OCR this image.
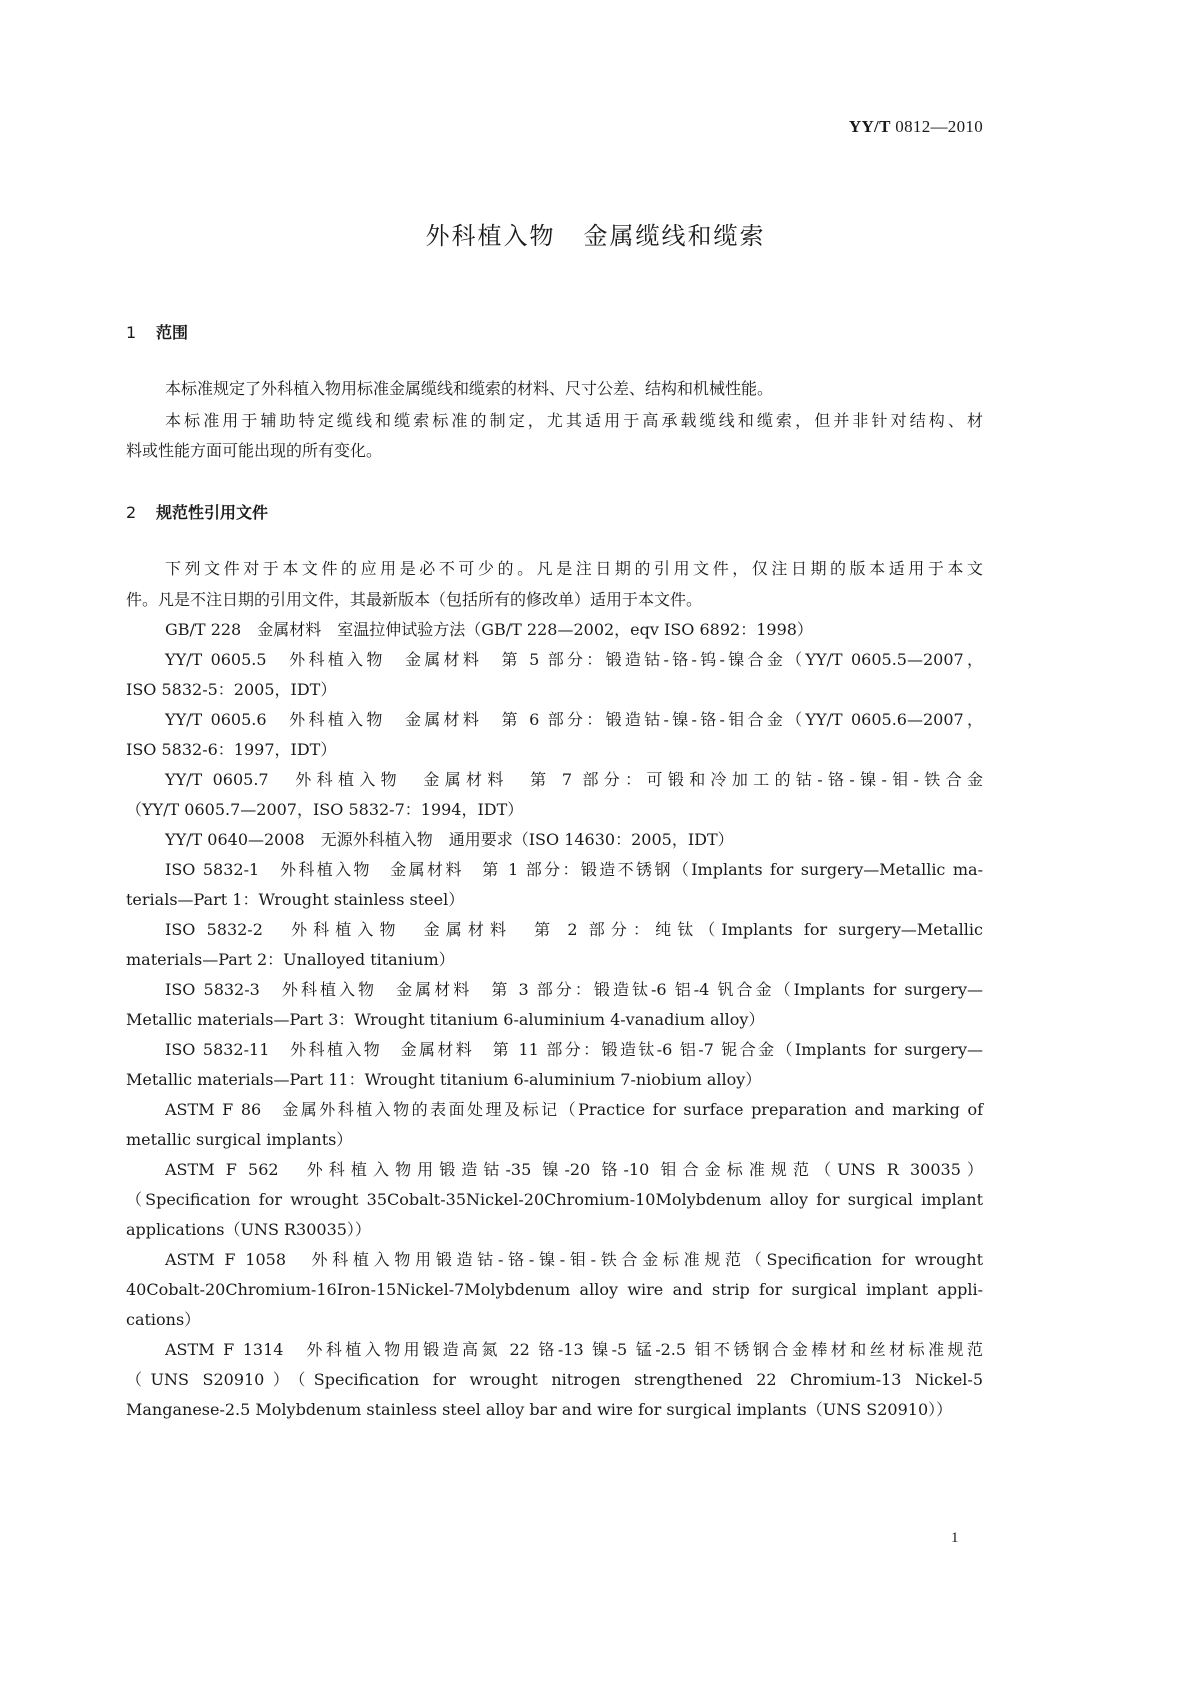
YY/T 0812—2010
外科植入物 金属缆线和缆索
1 范围
本标准规定了外科植入物用标准金属缆线和缆索的材料、尺寸公差、结构和机械性能。
本标准用于辅助特定缆线和缆索标准的制定，尤其适用于高承载缆线和缆索，但并非针对结构、材
料或性能方面可能出现的所有变化。
2 规范性引用文件
下列文件对于本文件的应用是必不可少的。凡是注日期的引用文件，仅注日期的版本适用于本文
件。凡是不注日期的引用文件，其最新版本（包括所有的修改单）适用于本文件。
GB/T 228　金属材料　室温拉伸试验方法（GB/T 228—2002，eqv ISO 6892：1998）
YY/T 0605.5　外科植入物　金属材料　第 5 部分：锻造钴-铬-钨-镍合金（YY/T 0605.5—2007，
ISO 5832-5：2005，IDT）
YY/T 0605.6　外科植入物　金属材料　第 6 部分：锻造钴-镍-铬-钼合金（YY/T 0605.6—2007，
ISO 5832-6：1997，IDT）
YY/T 0605.7　外科植入物　金属材料　第 7 部分：可锻和冷加工的钴-铬-镍-钼-铁合金
（YY/T 0605.7—2007，ISO 5832-7：1994，IDT）
YY/T 0640—2008　无源外科植入物　通用要求（ISO 14630：2005，IDT）
ISO 5832-1　外科植入物　金属材料　第 1 部分：锻造不锈钢（Implants for surgery—Metallic ma-
terials—Part 1：Wrought stainless steel）
ISO 5832-2　外科植入物　金属材料　第 2 部分：纯钛（Implants for surgery—Metallic
materials—Part 2：Unalloyed titanium）
ISO 5832-3　外科植入物　金属材料　第 3 部分：锻造钛-6 铝-4 钒合金（Implants for surgery—
Metallic materials—Part 3：Wrought titanium 6-aluminium 4-vanadium alloy）
ISO 5832-11　外科植入物　金属材料　第 11 部分：锻造钛-6 铝-7 铌合金（Implants for surgery—
Metallic materials—Part 11：Wrought titanium 6-aluminium 7-niobium alloy）
ASTM F 86　金属外科植入物的表面处理及标记（Practice for surface preparation and marking of
metallic surgical implants）
ASTM F 562　外科植入物用锻造钴-35 镍-20 铬-10 钼合金标准规范（UNS R 30035）
（Specification for wrought 35Cobalt-35Nickel-20Chromium-10Molybdenum alloy for surgical implant
applications（UNS R30035））
ASTM F 1058　外科植入物用锻造钴-铬-镍-钼-铁合金标准规范（Specification for wrought
40Cobalt-20Chromium-16Iron-15Nickel-7Molybdenum alloy wire and strip for surgical implant appli-
cations）
ASTM F 1314　外科植入物用锻造高氮 22 铬-13 镍-5 锰-2.5 钼不锈钢合金棒材和丝材标准规范
（UNS S20910）（Specification for wrought nitrogen strengthened 22 Chromium-13 Nickel-5
Manganese-2.5 Molybdenum stainless steel alloy bar and wire for surgical implants（UNS S20910））
1
